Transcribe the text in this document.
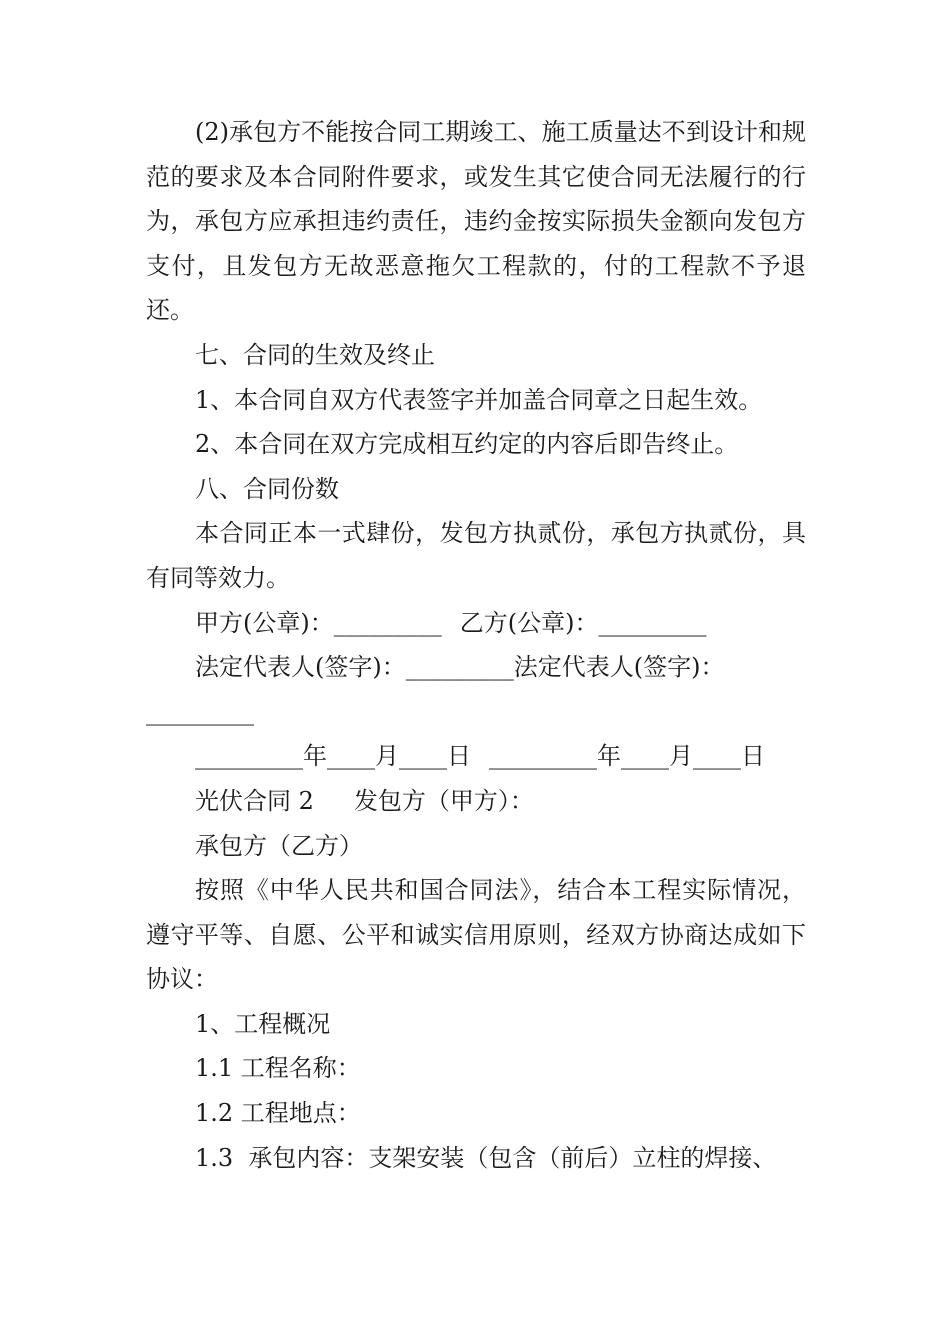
(2)承包方不能按合同工期竣工、施工质量达不到设计和规范的要求及本合同附件要求，或发生其它使合同无法履行的行为，承包方应承担违约责任，违约金按实际损失金额向发包方支付，且发包方无故恶意拖欠工程款的，付的工程款不予退还。

七、合同的生效及终止

1、本合同自双方代表签字并加盖合同章之日起生效。

2、本合同在双方完成相互约定的内容后即告终止。

八、合同份数

本合同正本一式肆份，发包方执贰份，承包方执贰份，具有同等效力。

甲方(公章)：_________ 乙方(公章)：_________

法定代表人(签字)：_________法定代表人(签字)：

_________

_________年____月____日 _________年____月____日

光伏合同 2 发包方（甲方）：

承包方（乙方）

按照《中华人民共和国合同法》，结合本工程实际情况，遵守平等、自愿、公平和诚实信用原则，经双方协商达成如下协议：

1、工程概况

1.1 工程名称：

1.2 工程地点：

1.3  承包内容：支架安装（包含（前后）立柱的焊接、
